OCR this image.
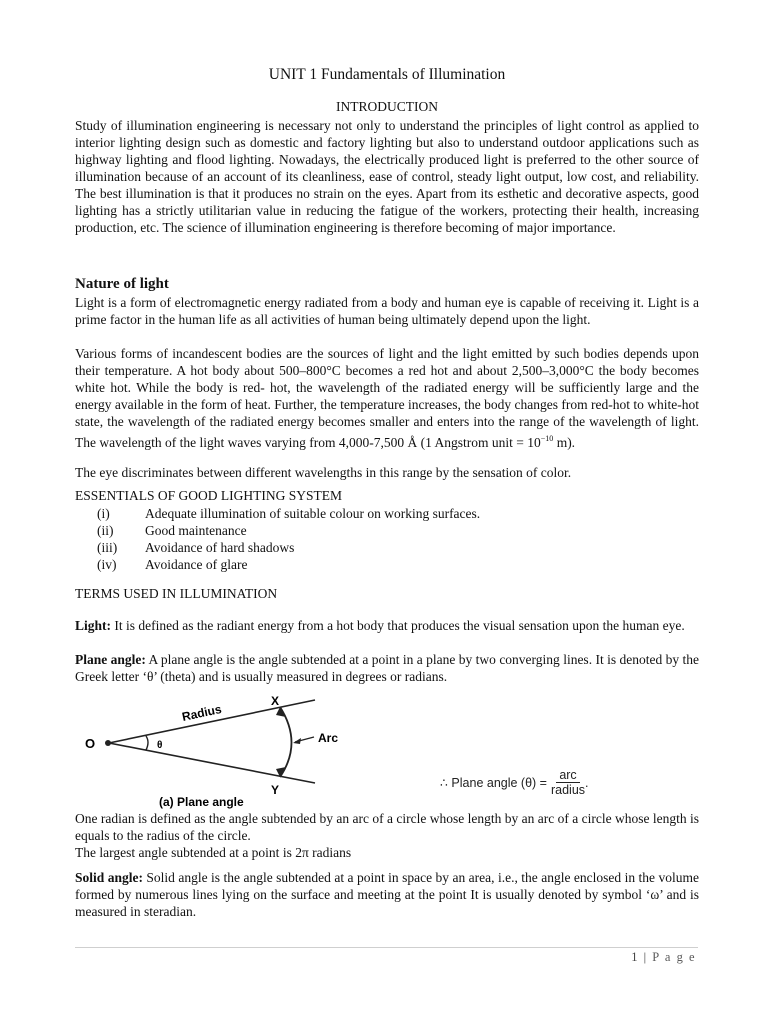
UNIT 1 Fundamentals of Illumination
INTRODUCTION

Study of illumination engineering is necessary not only to understand the principles of light control as applied to interior lighting design such as domestic and factory lighting but also to understand outdoor applications such as highway lighting and flood lighting. Nowadays, the electrically produced light is preferred to the other source of illumination because of an account of its cleanliness, ease of control, steady light output, low cost, and reliability. The best illumination is that it produces no strain on the eyes. Apart from its esthetic and decorative aspects, good lighting has a strictly utilitarian value in reducing the fatigue of the workers, protecting their health, increasing production, etc. The science of illumination engineering is therefore becoming of major importance.

Nature of light

Light is a form of electromagnetic energy radiated from a body and human eye is capable of receiving it. Light is a prime factor in the human life as all activities of human being ultimately depend upon the light.

Various forms of incandescent bodies are the sources of light and the light emitted by such bodies depends upon their temperature. A hot body about 500–800°C becomes a red hot and about 2,500–3,000°C the body becomes white hot. While the body is red- hot, the wavelength of the radiated energy will be sufficiently large and the energy available in the form of heat. Further, the temperature increases, the body changes from red-hot to white-hot state, the wavelength of the radiated energy becomes smaller and enters into the range of the wavelength of light. The wavelength of the light waves varying from 4,000-7,500 Å (1 Angstrom unit = $10^{-10}$ m).

The eye discriminates between different wavelengths in this range by the sensation of color.

ESSENTIALS OF GOOD LIGHTING SYSTEM
(i)	Adequate illumination of suitable colour on working surfaces.
(ii)	Good maintenance
(iii)	Avoidance of hard shadows
(iv)	Avoidance of glare
TERMS USED IN ILLUMINATION

Light: It is defined as the radiant energy from a hot body that produces the visual sensation upon the human eye.

Plane angle: A plane angle is the angle subtended at a point in a plane by two converging lines. It is denoted by the Greek letter ‘θ’ (theta) and is usually measured in degrees or radians.

O	θ
Radius
X
Y
Arc
(a) Plane angle
∴ Plane angle $(\theta) = \frac{\text{arc}}{\text{radius}}$ .

One radian is defined as the angle subtended by an arc of a circle whose length by an arc of a circle whose length is equals to the radius of the circle.

The largest angle subtended at a point is 2π radians

Solid angle: Solid angle is the angle subtended at a point in space by an area, i.e., the angle enclosed in the volume formed by numerous lines lying on the surface and meeting at the point It is usually denoted by symbol ‘ω’ and is measured in steradian.

1 | P a g e
